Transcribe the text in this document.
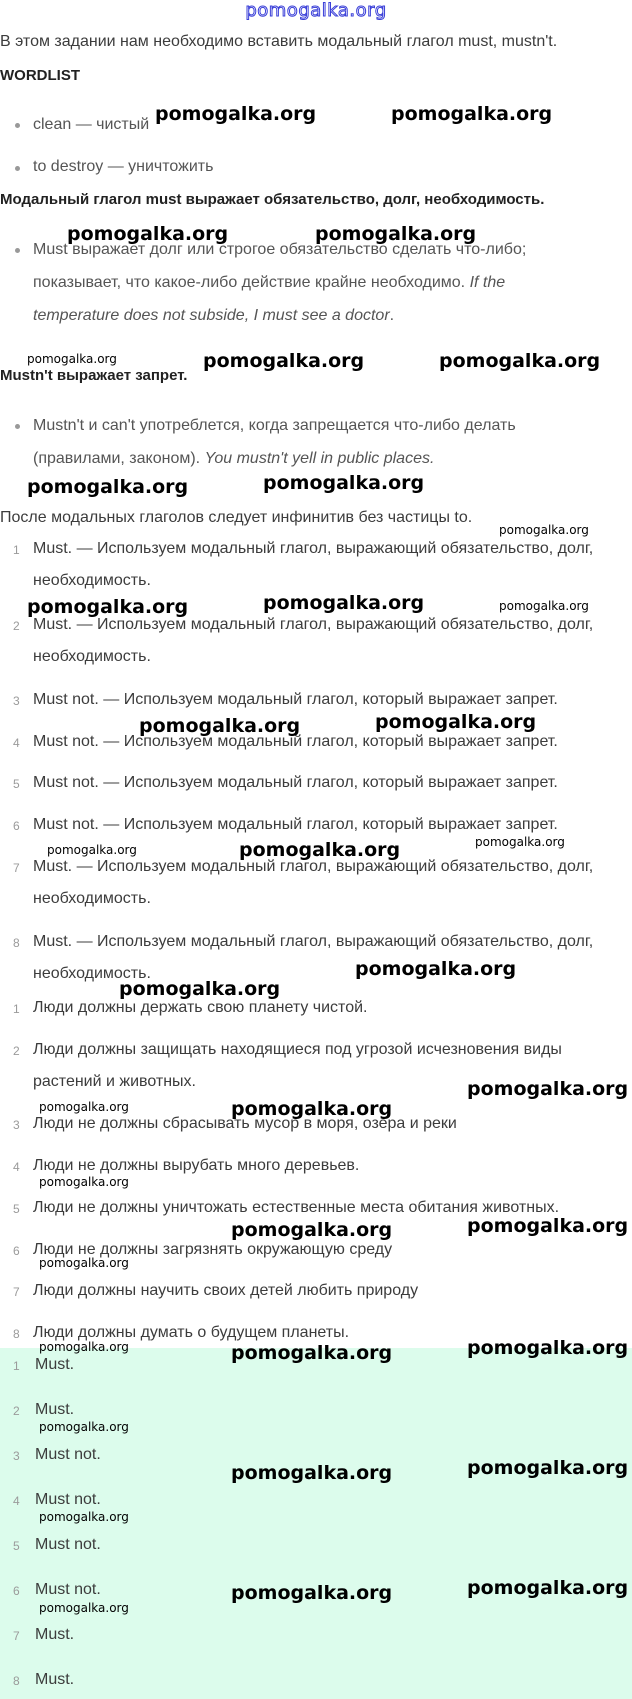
pomogalka.org
В этом задании нам необходимо вставить модальный глагол must, mustn't.
WORDLIST
clean — чистый
to destroy — уничтожить
Модальный глагол must выражает обязательство, долг, необходимость.
Must выражает долг или строгое обязательство сделать что-либо;
показывает, что какое-либо действие крайне необходимо. If the
temperature does not subside, I must see a doctor.
Mustn't выражает запрет.
Mustn't и can't употреблется, когда запрещается что-либо делать
(правилами, законом). You mustn't yell in public places.
После модальных глаголов следует инфинитив без частицы to.
1 Must. — Используем модальный глагол, выражающий обязательство, долг,
необходимость.
2 Must. — Используем модальный глагол, выражающий обязательство, долг,
необходимость.
3 Must not. — Используем модальный глагол, который выражает запрет.
4 Must not. — Используем модальный глагол, который выражает запрет.
5 Must not. — Используем модальный глагол, который выражает запрет.
6 Must not. — Используем модальный глагол, который выражает запрет.
7 Must. — Используем модальный глагол, выражающий обязательство, долг,
необходимость.
8 Must. — Используем модальный глагол, выражающий обязательство, долг,
необходимость.
1 Люди должны держать свою планету чистой.
2 Люди должны защищать находящиеся под угрозой исчезновения виды
растений и животных.
3 Люди не должны сбрасывать мусор в моря, озера и реки
4 Люди не должны вырубать много деревьев.
5 Люди не должны уничтожать естественные места обитания животных.
6 Люди не должны загрязнять окружающую среду
7 Люди должны научить своих детей любить природу
8 Люди должны думать о будущем планеты.
1 Must.
2 Must.
3 Must not.
4 Must not.
5 Must not.
6 Must not.
7 Must.
8 Must.
pomogalka.org	pomogalka.org
pomogalka.org	pomogalka.org
pomogalka.org	pomogalka.org	pomogalka.org
pomogalka.org	pomogalka.org
pomogalka.org
pomogalka.org	pomogalka.org	pomogalka.org
pomogalka.org	pomogalka.org
pomogalka.org	pomogalka.org	pomogalka.org
pomogalka.org
pomogalka.org
pomogalka.org
pomogalka.org	pomogalka.org
pomogalka.org
pomogalka.org
pomogalka.org
pomogalka.org
pomogalka.org	pomogalka.org	pomogalka.org
pomogalka.org
pomogalka.org	pomogalka.org
pomogalka.org
pomogalka.org	pomogalka.org
pomogalka.org
